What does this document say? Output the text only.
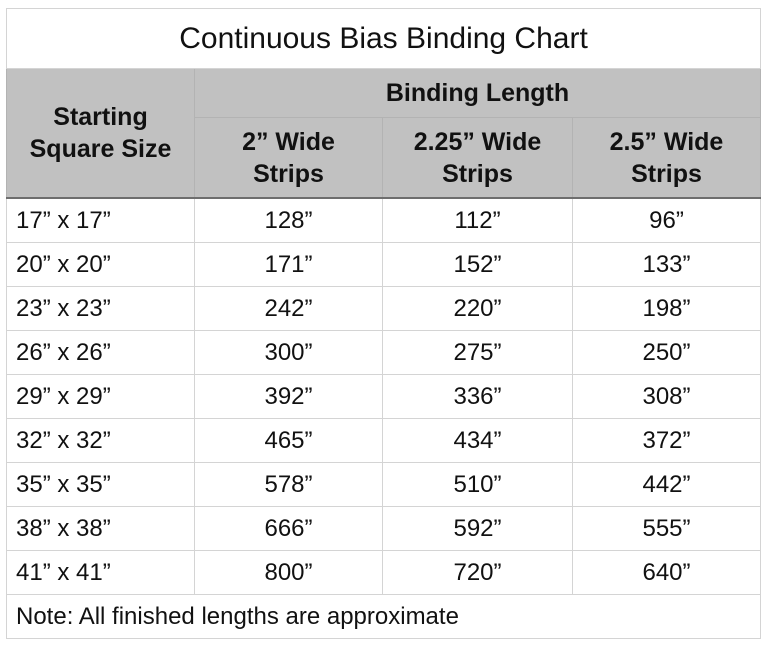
Continuous Bias Binding Chart			

Starting Square Size	Binding Length		

	2” Wide Strips	2.25” Wide Strips	2.5” Wide Strips

17” x 17”	128”	112”	96”
20” x 20”	171”	152”	133”
23” x 23”	242”	220”	198”
26” x 26”	300”	275”	250”
29” x 29”	392”	336”	308”
32” x 32”	465”	434”	372”
35” x 35”	578”	510”	442”
38” x 38”	666”	592”	555”
41” x 41”	800”	720”	640”
Note: All finished lengths are approximate			
